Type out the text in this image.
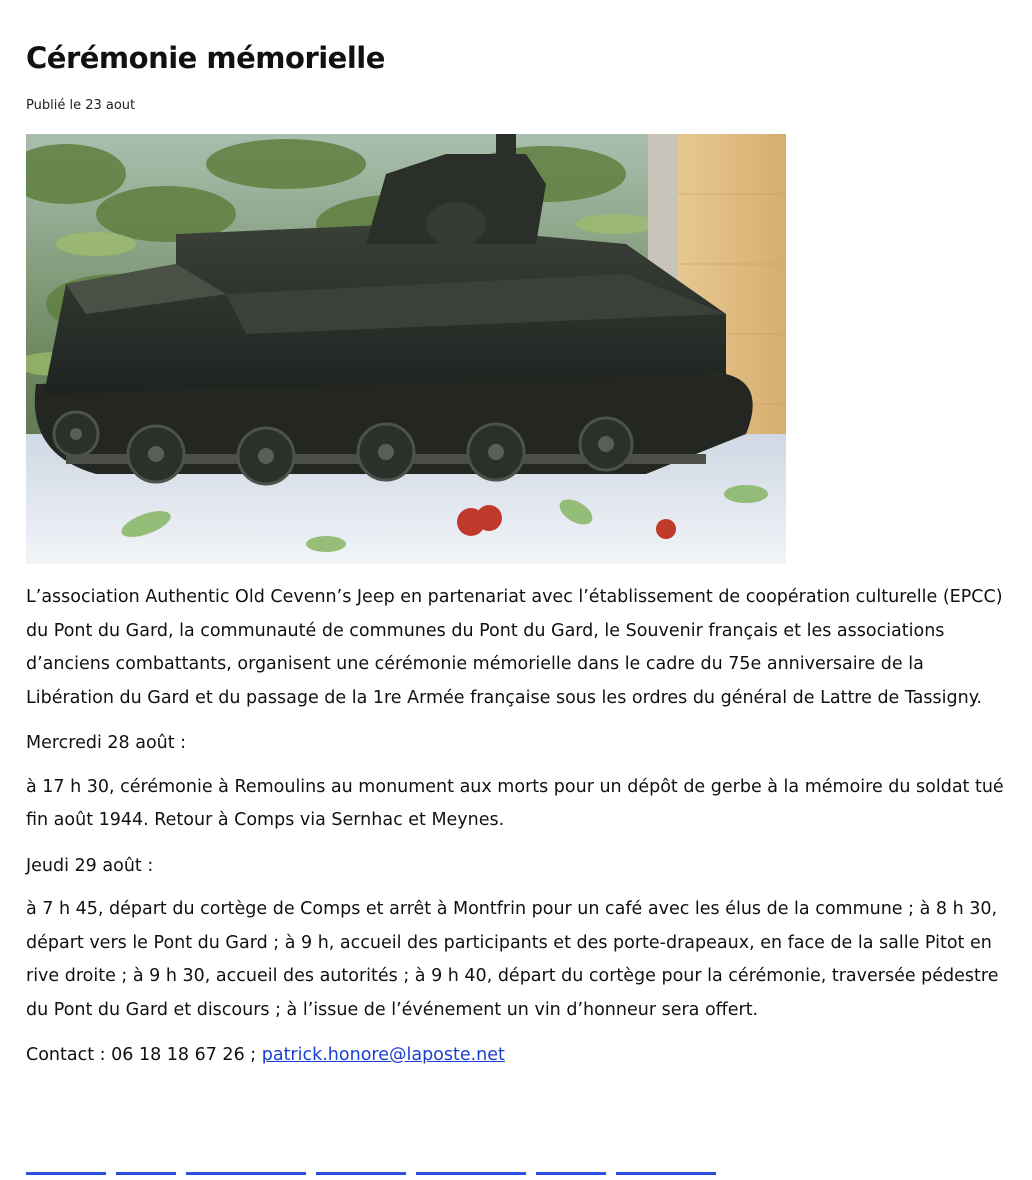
Cérémonie mémorielle
Publié le 23 aout

L’association Authentic Old Cevenn’s Jeep en partenariat avec l’établissement de coopération culturelle (EPCC) du Pont du Gard, la communauté de communes du Pont du Gard, le Souvenir français et les associations d’anciens combattants, organisent une cérémonie mémorielle dans le cadre du 75e anniversaire de la Libération du Gard et du passage de la 1re Armée française sous les ordres du général de Lattre de Tassigny.

Mercredi 28 août :

à 17 h 30, cérémonie à Remoulins au monument aux morts pour un dépôt de gerbe à la mémoire du soldat tué fin août 1944. Retour à Comps via Sernhac et Meynes.

Jeudi 29 août :

à 7 h 45, départ du cortège de Comps et arrêt à Montfrin pour un café avec les élus de la commune ; à 8 h 30, départ vers le Pont du Gard ; à 9 h, accueil des participants et des porte-drapeaux, en face de la salle Pitot en rive droite ; à 9 h 30, accueil des autorités ; à 9 h 40, départ du cortège pour la cérémonie, traversée pédestre du Pont du Gard et discours ; à l’issue de l’événement un vin d’honneur sera offert.

Contact : 06 18 18 67 26 ; patrick.honore@laposte.net
